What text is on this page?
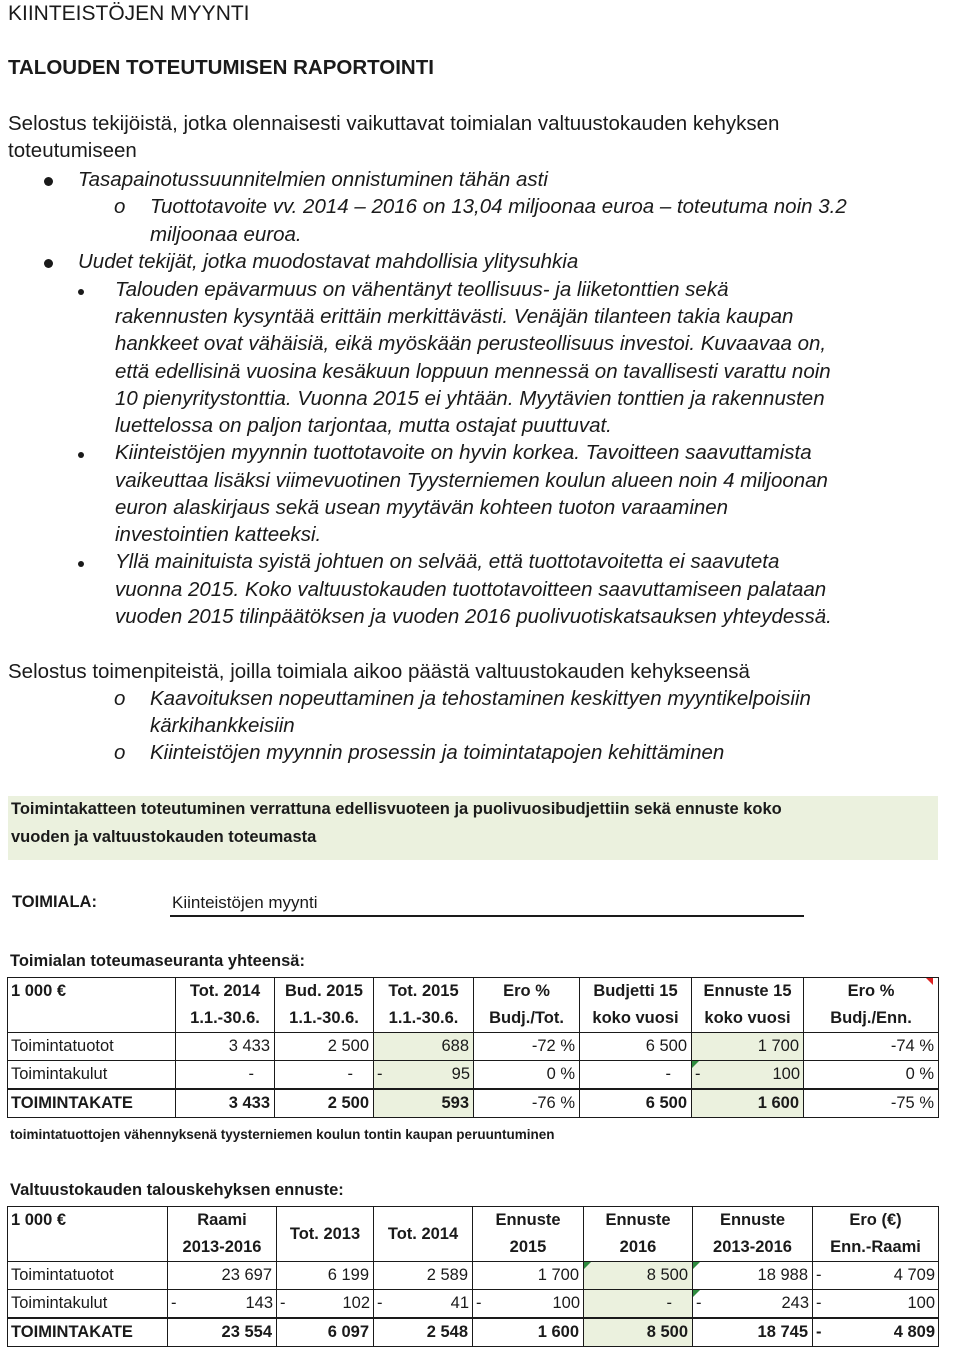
KIINTEISTÖJEN MYYNTI
TALOUDEN TOTEUTUMISEN RAPORTOINTI
Selostus tekijöistä, jotka olennaisesti vaikuttavat toimialan valtuustokauden kehyksen
toteutumiseen
Tasapainotussuunnitelmien onnistuminen tähän asti
o Tuottotavoite vv. 2014 – 2016 on 13,04 miljoonaa euroa – toteutuma noin 3.2
miljoonaa euroa.
Uudet tekijät, jotka muodostavat mahdollisia ylitysuhkia
Talouden epävarmuus on vähentänyt teollisuus- ja liiketonttien sekä
rakennusten kysyntää erittäin merkittävästi. Venäjän tilanteen takia kaupan
hankkeet ovat vähäisiä, eikä myöskään perusteollisuus investoi. Kuvaavaa on,
että edellisinä vuosina kesäkuun loppuun mennessä on tavallisesti varattu noin
10 pienyritystonttia. Vuonna 2015 ei yhtään. Myytävien tonttien ja rakennusten
luettelossa on paljon tarjontaa, mutta ostajat puuttuvat.
Kiinteistöjen myynnin tuottotavoite on hyvin korkea. Tavoitteen saavuttamista
vaikeuttaa lisäksi viimevuotinen Tyysterniemen koulun alueen noin 4 miljoonan
euron alaskirjaus sekä usean myytävän kohteen tuoton varaaminen
investointien katteeksi.
Yllä mainituista syistä johtuen on selvää, että tuottotavoitetta ei saavuteta
vuonna 2015. Koko valtuustokauden tuottotavoitteen saavuttamiseen palataan
vuoden 2015 tilinpäätöksen ja vuoden 2016 puolivuotiskatsauksen yhteydessä.
Selostus toimenpiteistä, joilla toimiala aikoo päästä valtuustokauden kehykseensä
o Kaavoituksen nopeuttaminen ja tehostaminen keskittyen myyntikelpoisiin
kärkihankkeisiin
o Kiinteistöjen myynnin prosessin ja toimintatapojen kehittäminen
Toimintakatteen toteutuminen verrattuna edellisvuoteen ja puolivuosibudjettiin sekä ennuste koko
vuoden ja valtuustokauden toteumasta
TOIMIALA:	Kiinteistöjen myynti
Toimialan toteumaseuranta yhteensä:
1 000 €	Tot. 2014	Bud. 2015	Tot. 2015	Ero %	Budjetti 15	Ennuste 15	Ero %
	1.1.-30.6.	1.1.-30.6.	1.1.-30.6.	Budj./Tot.	koko vuosi	koko vuosi	Budj./Enn.
Toimintatuotot	3 433	2 500	688	-72 %	6 500	1 700	-74 %
Toimintakulut	-	-	- 95	0 %	-	- 100	0 %
TOIMINTAKATE	3 433	2 500	593	-76 %	6 500	1 600	-75 %
toimintatuottojen vähennyksenä tyysterniemen koulun tontin kaupan peruuntuminen
Valtuustokauden talouskehyksen ennuste:
1 000 €	Raami	Tot. 2013	Tot. 2014	Ennuste	Ennuste	Ennuste	Ero (€)
	2013-2016			2015	2016	2013-2016	Enn.-Raami
Toimintatuotot	23 697	6 199	2 589	1 700	8 500	18 988	- 4 709

Toimintakulut	- 143	- 102	- 41	- 100	-	- 243	- 100

TOIMINTAKATE	23 554	6 097	2 548	1 600	8 500	18 745	- 4 809
